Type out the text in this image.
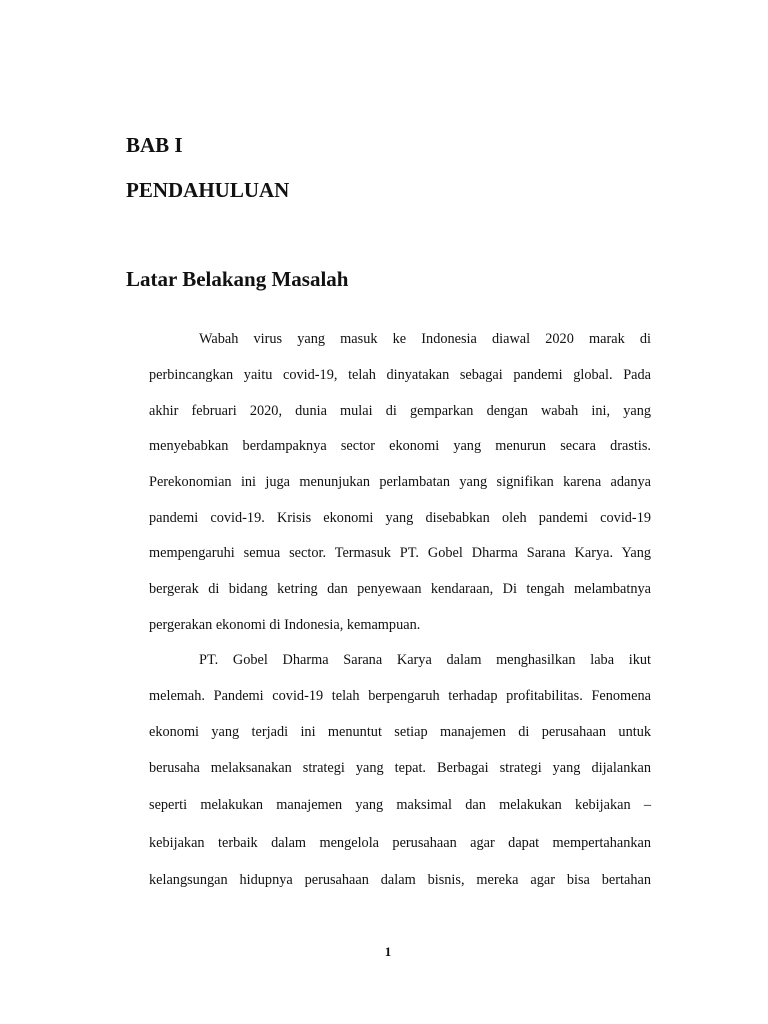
BAB I
PENDAHULUAN
Latar Belakang Masalah

Wabah virus yang masuk ke Indonesia diawal 2020 marak di

perbincangkan yaitu covid-19, telah dinyatakan sebagai pandemi global. Pada

akhir februari 2020, dunia mulai di gemparkan dengan wabah ini, yang

menyebabkan berdampaknya sector ekonomi yang menurun secara drastis.

Perekonomian ini juga menunjukan perlambatan yang signifikan karena adanya

pandemi covid-19. Krisis ekonomi yang disebabkan oleh pandemi covid-19

mempengaruhi semua sector. Termasuk PT. Gobel Dharma Sarana Karya. Yang

bergerak di bidang ketring dan penyewaan kendaraan, Di tengah melambatnya

pergerakan ekonomi di Indonesia, kemampuan.

PT. Gobel Dharma Sarana Karya dalam menghasilkan laba ikut

melemah. Pandemi covid-19 telah berpengaruh terhadap profitabilitas. Fenomena

ekonomi yang terjadi ini menuntut setiap manajemen di perusahaan untuk

berusaha melaksanakan strategi yang tepat. Berbagai strategi yang dijalankan

seperti melakukan manajemen yang maksimal dan melakukan kebijakan –

kebijakan terbaik dalam mengelola perusahaan agar dapat mempertahankan

kelangsungan hidupnya perusahaan dalam bisnis, mereka agar bisa bertahan

1
